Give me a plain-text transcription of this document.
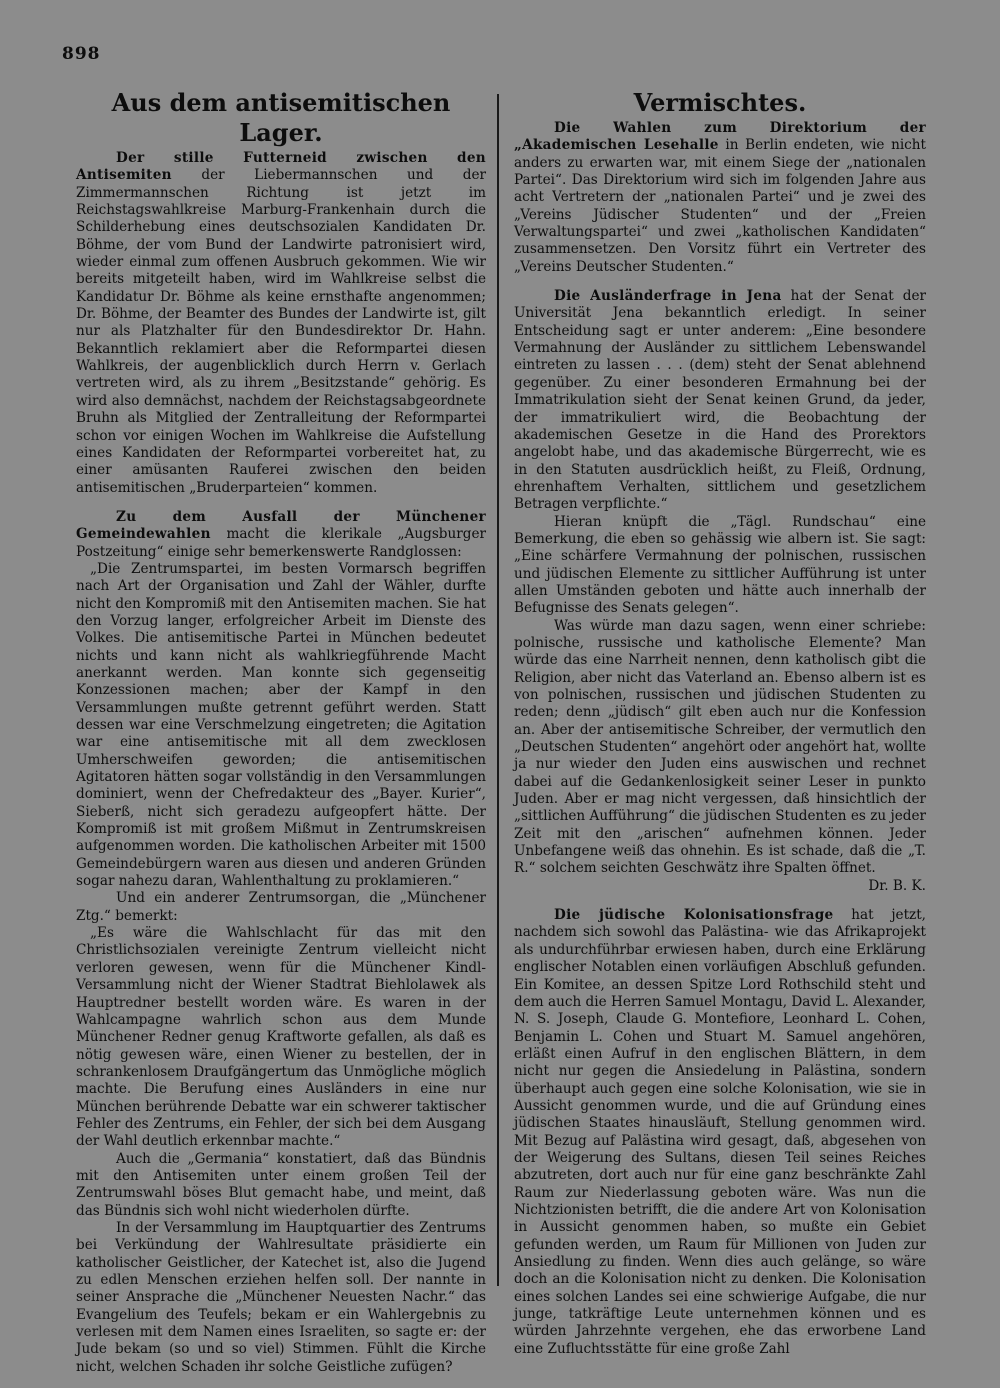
898
Aus dem antisemitischen Lager.

Der stille Futterneid zwischen den Antisemiten der Liebermannschen und der Zimmermannschen Richtung ist jetzt im Reichstagswahlkreise Marburg-Frankenhain durch die Schilderhebung eines deutschsozialen Kandidaten Dr. Böhme, der vom Bund der Landwirte patronisiert wird, wieder einmal zum offenen Ausbruch gekommen. Wie wir bereits mitgeteilt haben, wird im Wahlkreise selbst die Kandidatur Dr. Böhme als keine ernsthafte angenommen; Dr. Böhme, der Beamter des Bundes der Landwirte ist, gilt nur als Platzhalter für den Bundesdirektor Dr. Hahn. Bekanntlich reklamiert aber die Reformpartei diesen Wahlkreis, der augenblicklich durch Herrn v. Gerlach vertreten wird, als zu ihrem „Besitzstande“ gehörig. Es wird also demnächst, nachdem der Reichstagsabgeordnete Bruhn als Mitglied der Zentralleitung der Reformpartei schon vor einigen Wochen im Wahlkreise die Aufstellung eines Kandidaten der Reformpartei vorbereitet hat, zu einer amüsanten Rauferei zwischen den beiden antisemitischen „Bruderparteien“ kommen.

Zu dem Ausfall der Münchener Gemeindewahlen macht die klerikale „Augsburger Postzeitung“ einige sehr bemerkenswerte Randglossen:

„Die Zentrumspartei, im besten Vormarsch begriffen nach Art der Organisation und Zahl der Wähler, durfte nicht den Kompromiß mit den Antisemiten machen. Sie hat den Vorzug langer, erfolgreicher Arbeit im Dienste des Volkes. Die antisemitische Partei in München bedeutet nichts und kann nicht als wahlkriegführende Macht anerkannt werden. Man konnte sich gegenseitig Konzessionen machen; aber der Kampf in den Versammlungen mußte getrennt geführt werden. Statt dessen war eine Verschmelzung eingetreten; die Agitation war eine antisemitische mit all dem zwecklosen Umherschweifen geworden; die antisemitischen Agitatoren hätten sogar vollständig in den Versammlungen dominiert, wenn der Chefredakteur des „Bayer. Kurier“, Sieberß, nicht sich geradezu aufgeopfert hätte. Der Kompromiß ist mit großem Mißmut in Zentrumskreisen aufgenommen worden. Die katholischen Arbeiter mit 1500 Gemeindebürgern waren aus diesen und anderen Gründen sogar nahezu daran, Wahlenthaltung zu proklamieren.“

Und ein anderer Zentrumsorgan, die „Münchener Ztg.“ bemerkt:

„Es wäre die Wahlschlacht für das mit den Christlichsozialen vereinigte Zentrum vielleicht nicht verloren gewesen, wenn für die Münchener Kindl-Versammlung nicht der Wiener Stadtrat Biehlolawek als Hauptredner bestellt worden wäre. Es waren in der Wahlcampagne wahrlich schon aus dem Munde Münchener Redner genug Kraftworte gefallen, als daß es nötig gewesen wäre, einen Wiener zu bestellen, der in schrankenlosem Draufgängertum das Unmögliche möglich machte. Die Berufung eines Ausländers in eine nur München berührende Debatte war ein schwerer taktischer Fehler des Zentrums, ein Fehler, der sich bei dem Ausgang der Wahl deutlich erkennbar machte.“

Auch die „Germania“ konstatiert, daß das Bündnis mit den Antisemiten unter einem großen Teil der Zentrumswahl böses Blut gemacht habe, und meint, daß das Bündnis sich wohl nicht wiederholen dürfte.

In der Versammlung im Hauptquartier des Zentrums bei Verkündung der Wahlresultate präsidierte ein katholischer Geistlicher, der Katechet ist, also die Jugend zu edlen Menschen erziehen helfen soll. Der nannte in seiner Ansprache die „Münchener Neuesten Nachr.“ das Evangelium des Teufels; bekam er ein Wahlergebnis zu verlesen mit dem Namen eines Israeliten, so sagte er: der Jude bekam (so und so viel) Stimmen. Fühlt die Kirche nicht, welchen Schaden ihr solche Geistliche zufügen?

Vermischtes.

Die Wahlen zum Direktorium der „Akademischen Lesehalle in Berlin endeten, wie nicht anders zu erwarten war, mit einem Siege der „nationalen Partei“. Das Direktorium wird sich im folgenden Jahre aus acht Vertretern der „nationalen Partei“ und je zwei des „Vereins Jüdischer Studenten“ und der „Freien Verwaltungspartei“ und zwei „katholischen Kandidaten“ zusammensetzen. Den Vorsitz führt ein Vertreter des „Vereins Deutscher Studenten.“

Die Ausländerfrage in Jena hat der Senat der Universität Jena bekanntlich erledigt. In seiner Entscheidung sagt er unter anderem: „Eine besondere Vermahnung der Ausländer zu sittlichem Lebenswandel eintreten zu lassen . . . (dem) steht der Senat ablehnend gegenüber. Zu einer besonderen Ermahnung bei der Immatrikulation sieht der Senat keinen Grund, da jeder, der immatrikuliert wird, die Beobachtung der akademischen Gesetze in die Hand des Prorektors angelobt habe, und das akademische Bürgerrecht, wie es in den Statuten ausdrücklich heißt, zu Fleiß, Ordnung, ehrenhaftem Verhalten, sittlichem und gesetzlichem Betragen verpflichte.“

Hieran knüpft die „Tägl. Rundschau“ eine Bemerkung, die eben so gehässig wie albern ist. Sie sagt: „Eine schärfere Vermahnung der polnischen, russischen und jüdischen Elemente zu sittlicher Aufführung ist unter allen Umständen geboten und hätte auch innerhalb der Befugnisse des Senats gelegen“.

Was würde man dazu sagen, wenn einer schriebe: polnische, russische und katholische Elemente? Man würde das eine Narrheit nennen, denn katholisch gibt die Religion, aber nicht das Vaterland an. Ebenso albern ist es von polnischen, russischen und jüdischen Studenten zu reden; denn „jüdisch“ gilt eben auch nur die Konfession an. Aber der antisemitische Schreiber, der vermutlich den „Deutschen Studenten“ angehört oder angehört hat, wollte ja nur wieder den Juden eins auswischen und rechnet dabei auf die Gedankenlosigkeit seiner Leser in punkto Juden. Aber er mag nicht vergessen, daß hinsichtlich der „sittlichen Aufführung“ die jüdischen Studenten es zu jeder Zeit mit den „arischen“ aufnehmen können. Jeder Unbefangene weiß das ohnehin. Es ist schade, daß die „T. R.“ solchem seichten Geschwätz ihre Spalten öffnet.

Dr. B. K.

Die jüdische Kolonisationsfrage hat jetzt, nachdem sich sowohl das Palästina- wie das Afrikaprojekt als undurchführbar erwiesen haben, durch eine Erklärung englischer Notablen einen vorläufigen Abschluß gefunden. Ein Komitee, an dessen Spitze Lord Rothschild steht und dem auch die Herren Samuel Montagu, David L. Alexander, N. S. Joseph, Claude G. Montefiore, Leonhard L. Cohen, Benjamin L. Cohen und Stuart M. Samuel angehören, erläßt einen Aufruf in den englischen Blättern, in dem nicht nur gegen die Ansiedelung in Palästina, sondern überhaupt auch gegen eine solche Kolonisation, wie sie in Aussicht genommen wurde, und die auf Gründung eines jüdischen Staates hinausläuft, Stellung genommen wird. Mit Bezug auf Palästina wird gesagt, daß, abgesehen von der Weigerung des Sultans, diesen Teil seines Reiches abzutreten, dort auch nur für eine ganz beschränkte Zahl Raum zur Niederlassung geboten wäre. Was nun die Nichtzionisten betrifft, die die andere Art von Kolonisation in Aussicht genommen haben, so mußte ein Gebiet gefunden werden, um Raum für Millionen von Juden zur Ansiedlung zu finden. Wenn dies auch gelänge, so wäre doch an die Kolonisation nicht zu denken. Die Kolonisation eines solchen Landes sei eine schwierige Aufgabe, die nur junge, tatkräftige Leute unternehmen können und es würden Jahrzehnte vergehen, ehe das erworbene Land eine Zufluchtsstätte für eine große Zahl
